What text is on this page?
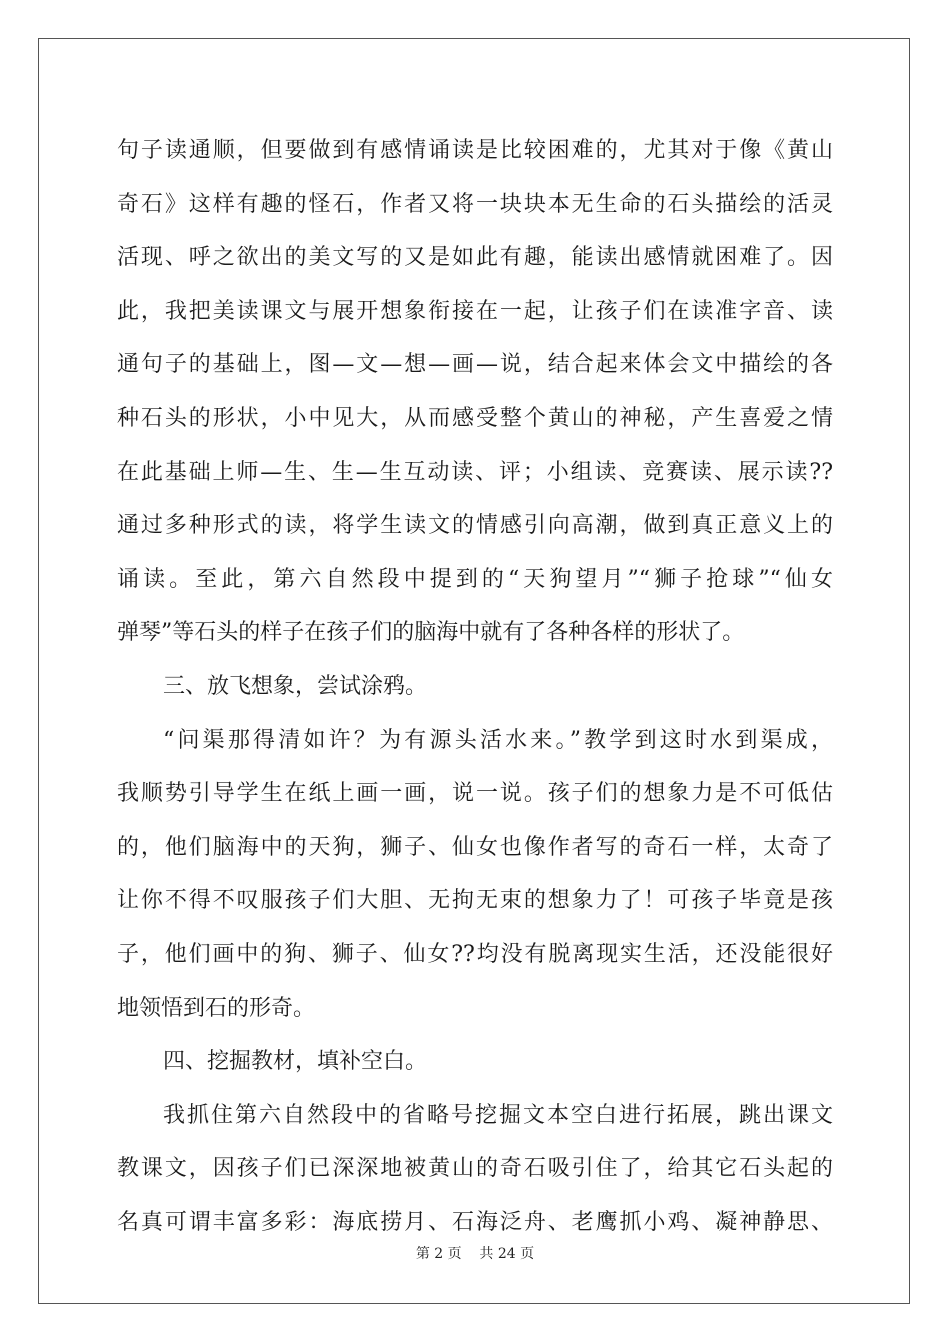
句子读通顺，但要做到有感情诵读是比较困难的，尤其对于像《黄山
奇石》这样有趣的怪石，作者又将一块块本无生命的石头描绘的活灵
活现、呼之欲出的美文写的又是如此有趣，能读出感情就困难了。因
此，我把美读课文与展开想象衔接在一起，让孩子们在读准字音、读
通句子的基础上，图—文—想—画—说，结合起来体会文中描绘的各
种石头的形状，小中见大，从而感受整个黄山的神秘，产生喜爱之情
在此基础上师—生、生—生互动读、评；小组读、竞赛读、展示读??
通过多种形式的读，将学生读文的情感引向高潮，做到真正意义上的
诵读。至此，第六自然段中提到的“天狗望月”“狮子抢球”“仙女
弹琴”等石头的样子在孩子们的脑海中就有了各种各样的形状了。
三、放飞想象，尝试涂鸦。
“问渠那得清如许？为有源头活水来。”教学到这时水到渠成，
我顺势引导学生在纸上画一画，说一说。孩子们的想象力是不可低估
的，他们脑海中的天狗，狮子、仙女也像作者写的奇石一样，太奇了
让你不得不叹服孩子们大胆、无拘无束的想象力了！可孩子毕竟是孩
子，他们画中的狗、狮子、仙女??均没有脱离现实生活，还没能很好
地领悟到石的形奇。
四、挖掘教材，填补空白。
我抓住第六自然段中的省略号挖掘文本空白进行拓展，跳出课文
教课文，因孩子们已深深地被黄山的奇石吸引住了，给其它石头起的
名真可谓丰富多彩：海底捞月、石海泛舟、老鹰抓小鸡、凝神静思、
第 2 页    共 24 页
